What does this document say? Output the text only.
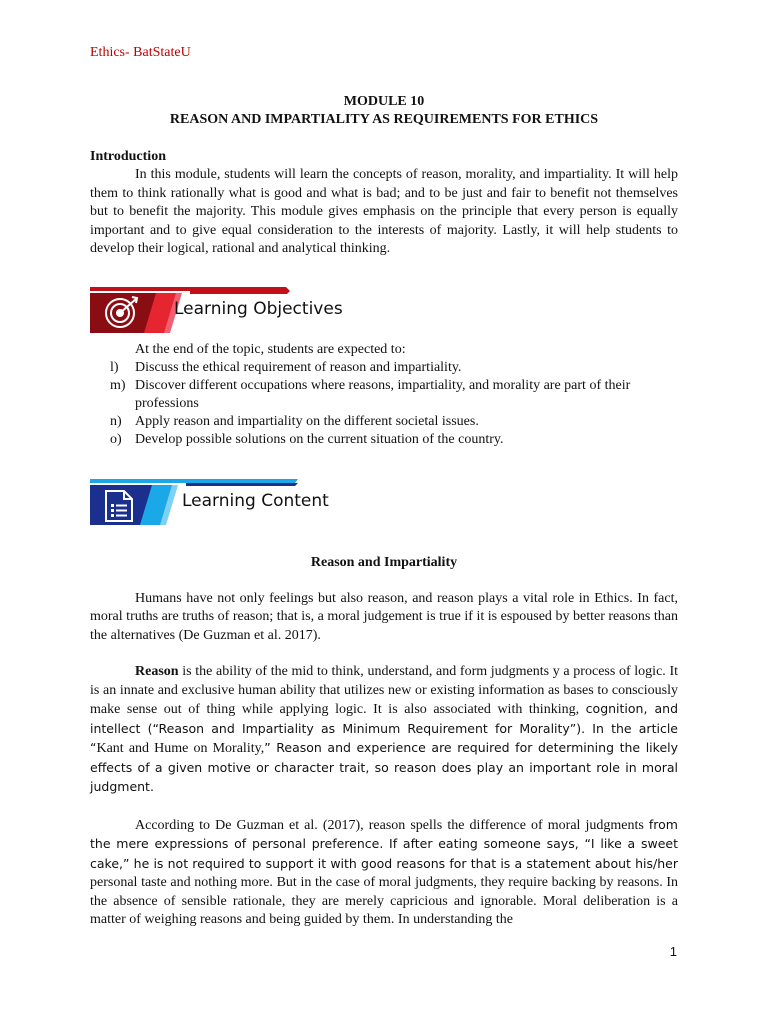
Ethics- BatStateU
MODULE 10
REASON AND IMPARTIALITY AS REQUIREMENTS FOR ETHICS
Introduction
In this module, students will learn the concepts of reason, morality, and impartiality. It will help them to think rationally what is good and what is bad; and to be just and fair to benefit not themselves but to benefit the majority. This module gives emphasis on the principle that every person is equally important and to give equal consideration to the interests of majority. Lastly, it will help students to develop their logical, rational and analytical thinking.
Learning Objectives
At the end of the topic, students are expected to:
l) Discuss the ethical requirement of reason and impartiality.
m) Discover different occupations where reasons, impartiality, and morality are part of their professions
n) Apply reason and impartiality on the different societal issues.
o) Develop possible solutions on the current situation of the country.
Learning Content
Reason and Impartiality
Humans have not only feelings but also reason, and reason plays a vital role in Ethics. In fact, moral truths are truths of reason; that is, a moral judgement is true if it is espoused by better reasons than the alternatives (De Guzman et al. 2017).
Reason is the ability of the mid to think, understand, and form judgments y a process of logic. It is an innate and exclusive human ability that utilizes new or existing information as bases to consciously make sense out of thing while applying logic. It is also associated with thinking, cognition, and intellect (“Reason and Impartiality as Minimum Requirement for Morality”). In the article “Kant and Hume on Morality,” Reason and experience are required for determining the likely effects of a given motive or character trait, so reason does play an important role in moral judgment.
According to De Guzman et al. (2017), reason spells the difference of moral judgments from the mere expressions of personal preference. If after eating someone says, “I like a sweet cake,” he is not required to support it with good reasons for that is a statement about his/her personal taste and nothing more. But in the case of moral judgments, they require backing by reasons. In the absence of sensible rationale, they are merely capricious and ignorable. Moral deliberation is a matter of weighing reasons and being guided by them. In understanding the
1
